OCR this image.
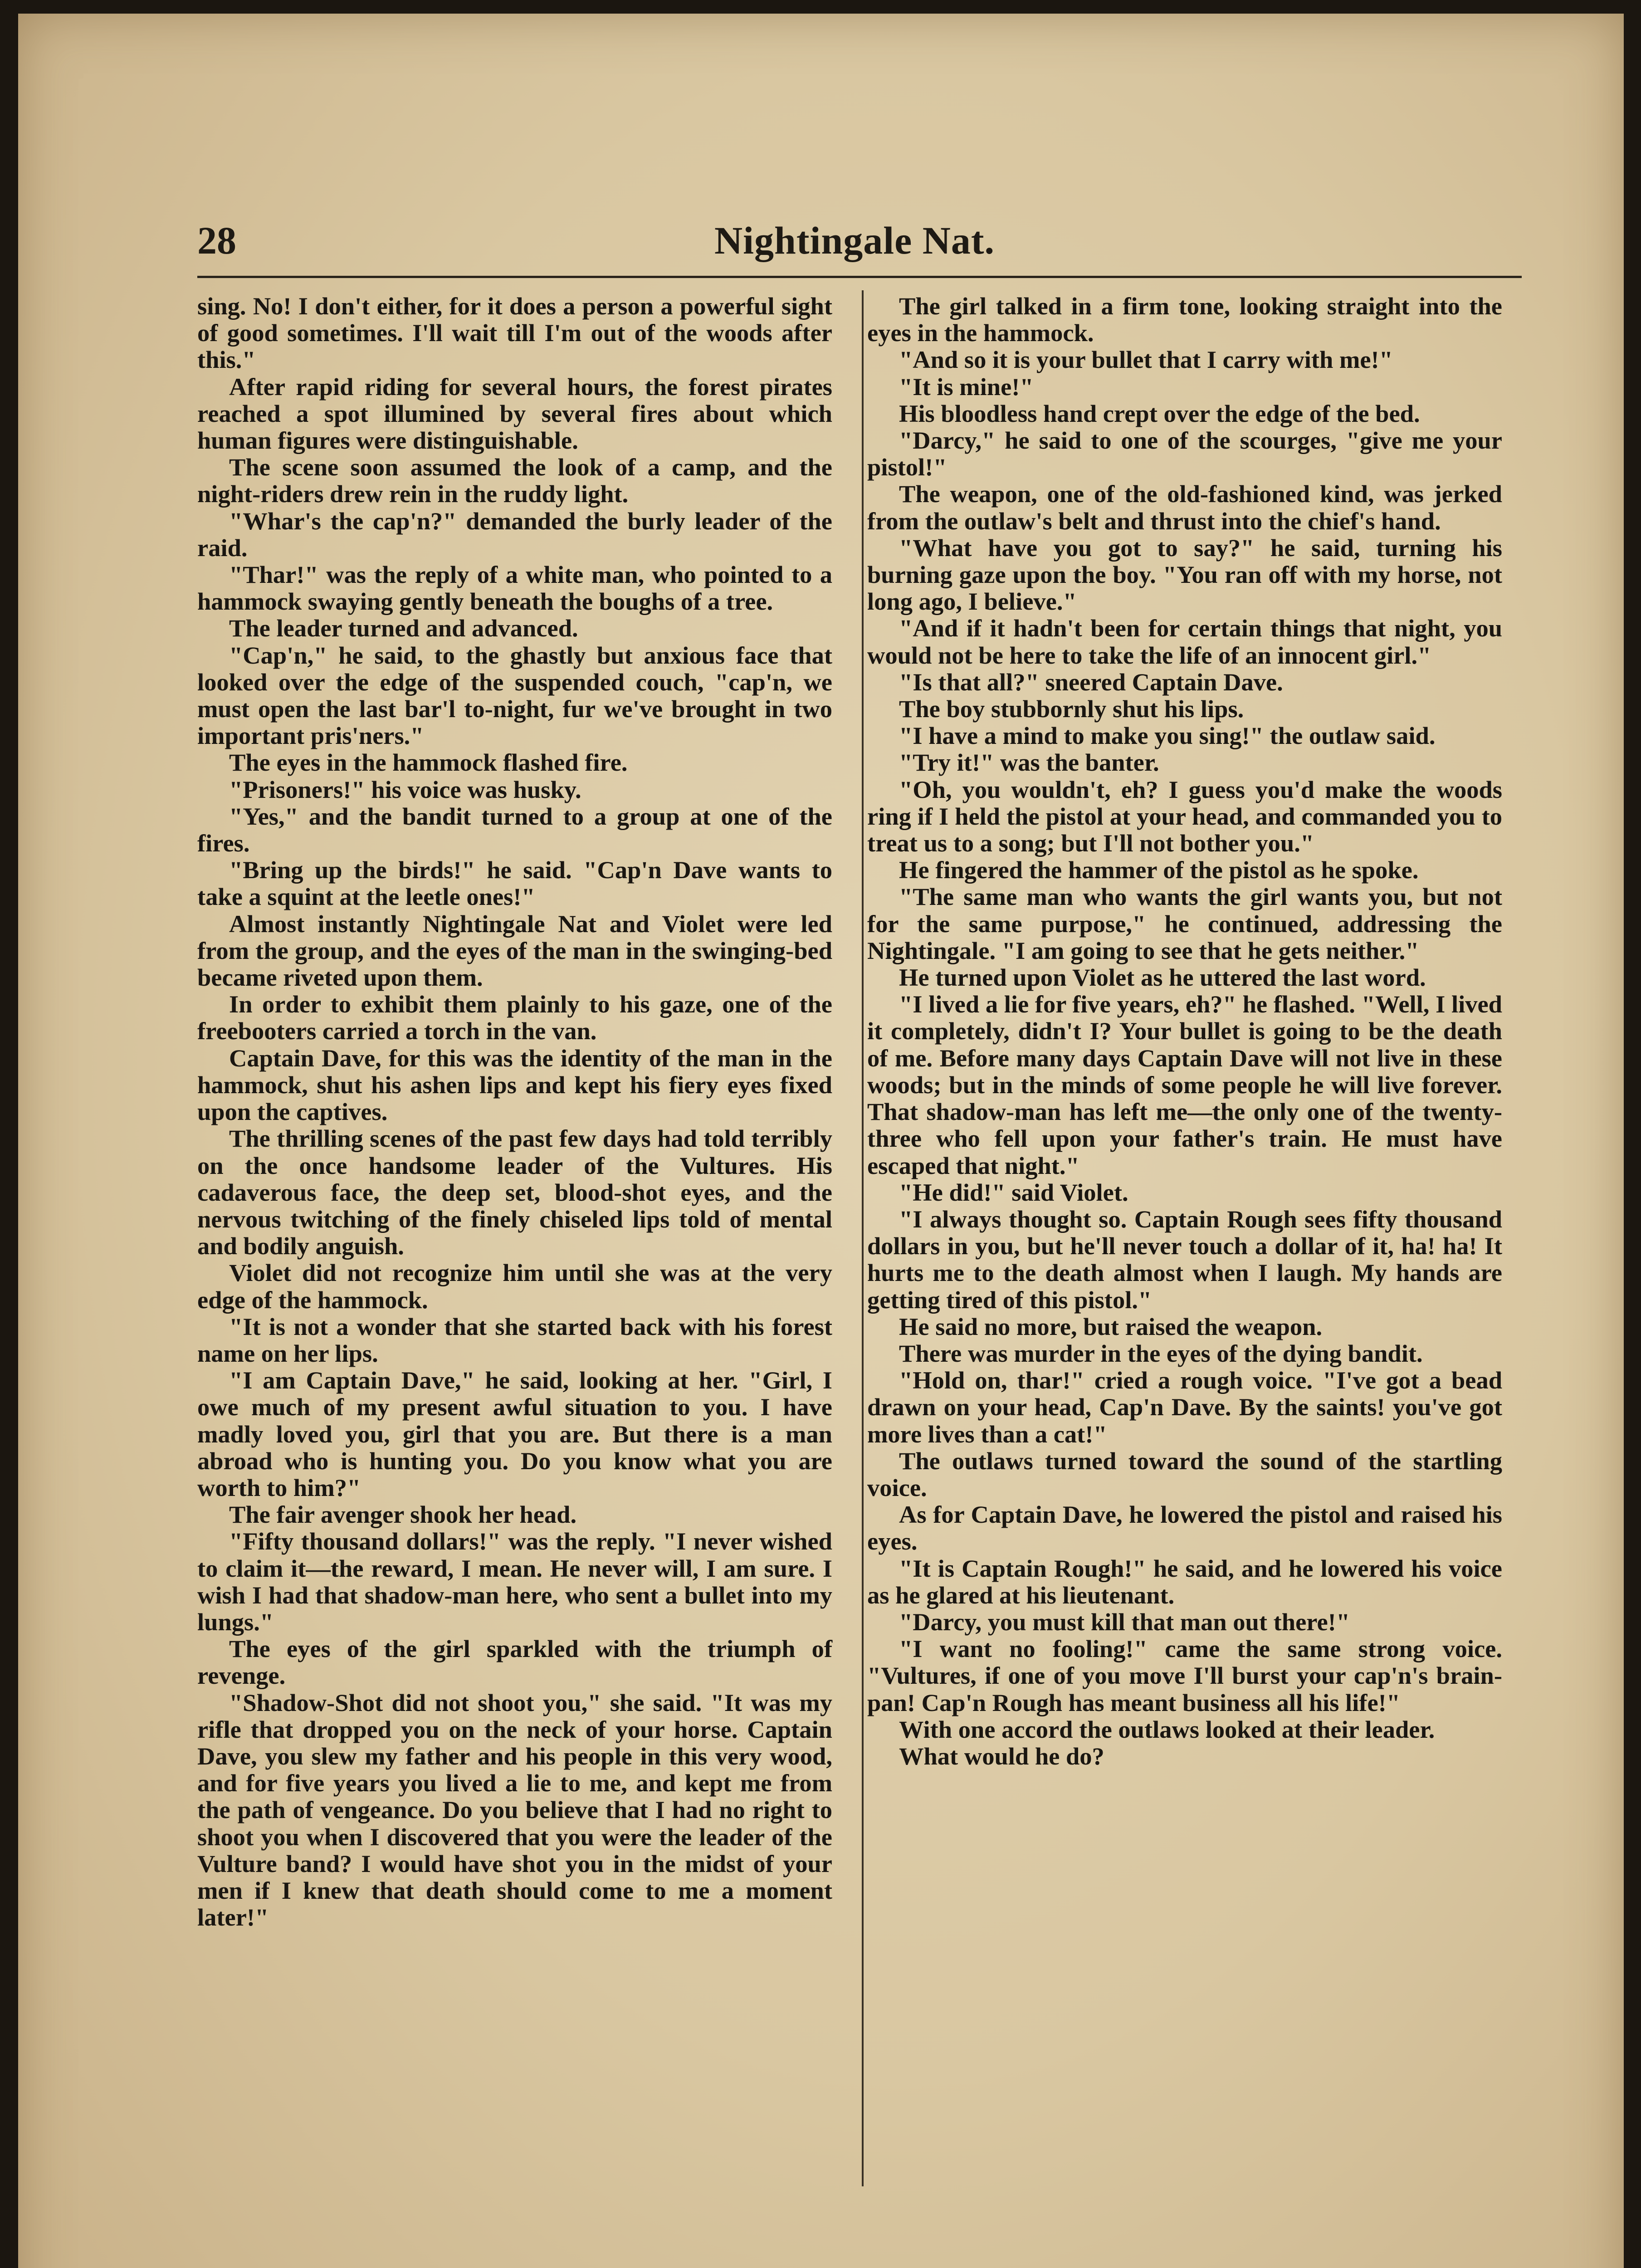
28	Nightingale Nat.

sing. No! I don't either, for it does a person a powerful sight of good sometimes. I'll wait till I'm out of the woods after this."

After rapid riding for several hours, the forest pirates reached a spot illumined by several fires about which human figures were distinguishable.

The scene soon assumed the look of a camp, and the night-riders drew rein in the ruddy light.

"Whar's the cap'n?" demanded the burly leader of the raid.

"Thar!" was the reply of a white man, who pointed to a hammock swaying gently beneath the boughs of a tree.

The leader turned and advanced.

"Cap'n," he said, to the ghastly but anxious face that looked over the edge of the suspended couch, "cap'n, we must open the last bar'l to-night, fur we've brought in two important pris'ners."

The eyes in the hammock flashed fire.

"Prisoners!" his voice was husky.

"Yes," and the bandit turned to a group at one of the fires.

"Bring up the birds!" he said. "Cap'n Dave wants to take a squint at the leetle ones!"

Almost instantly Nightingale Nat and Violet were led from the group, and the eyes of the man in the swinging-bed became riveted upon them.

In order to exhibit them plainly to his gaze, one of the freebooters carried a torch in the van.

Captain Dave, for this was the identity of the man in the hammock, shut his ashen lips and kept his fiery eyes fixed upon the captives.

The thrilling scenes of the past few days had told terribly on the once handsome leader of the Vultures. His cadaverous face, the deep set, blood-shot eyes, and the nervous twitching of the finely chiseled lips told of mental and bodily anguish.

Violet did not recognize him until she was at the very edge of the hammock.

"It is not a wonder that she started back with his forest name on her lips.

"I am Captain Dave," he said, looking at her. "Girl, I owe much of my present awful situation to you. I have madly loved you, girl that you are. But there is a man abroad who is hunting you. Do you know what you are worth to him?"

The fair avenger shook her head.

"Fifty thousand dollars!" was the reply. "I never wished to claim it—the reward, I mean. He never will, I am sure. I wish I had that shadow-man here, who sent a bullet into my lungs."

The eyes of the girl sparkled with the triumph of revenge.

"Shadow-Shot did not shoot you," she said. "It was my rifle that dropped you on the neck of your horse. Captain Dave, you slew my father and his people in this very wood, and for five years you lived a lie to me, and kept me from the path of vengeance. Do you believe that I had no right to shoot you when I discovered that you were the leader of the Vulture band? I would have shot you in the midst of your men if I knew that death should come to me a moment later!"

The girl talked in a firm tone, looking straight into the eyes in the hammock.

"And so it is your bullet that I carry with me!"

"It is mine!"

His bloodless hand crept over the edge of the bed.

"Darcy," he said to one of the scourges, "give me your pistol!"

The weapon, one of the old-fashioned kind, was jerked from the outlaw's belt and thrust into the chief's hand.

"What have you got to say?" he said, turning his burning gaze upon the boy. "You ran off with my horse, not long ago, I believe."

"And if it hadn't been for certain things that night, you would not be here to take the life of an innocent girl."

"Is that all?" sneered Captain Dave.

The boy stubbornly shut his lips.

"I have a mind to make you sing!" the outlaw said.

"Try it!" was the banter.

"Oh, you wouldn't, eh? I guess you'd make the woods ring if I held the pistol at your head, and commanded you to treat us to a song; but I'll not bother you."

He fingered the hammer of the pistol as he spoke.

"The same man who wants the girl wants you, but not for the same purpose," he continued, addressing the Nightingale. "I am going to see that he gets neither."

He turned upon Violet as he uttered the last word.

"I lived a lie for five years, eh?" he flashed. "Well, I lived it completely, didn't I? Your bullet is going to be the death of me. Before many days Captain Dave will not live in these woods; but in the minds of some people he will live forever. That shadow-man has left me—the only one of the twenty-three who fell upon your father's train. He must have escaped that night."

"He did!" said Violet.

"I always thought so. Captain Rough sees fifty thousand dollars in you, but he'll never touch a dollar of it, ha! ha! It hurts me to the death almost when I laugh. My hands are getting tired of this pistol."

He said no more, but raised the weapon.

There was murder in the eyes of the dying bandit.

"Hold on, thar!" cried a rough voice. "I've got a bead drawn on your head, Cap'n Dave. By the saints! you've got more lives than a cat!"

The outlaws turned toward the sound of the startling voice.

As for Captain Dave, he lowered the pistol and raised his eyes.

"It is Captain Rough!" he said, and he lowered his voice as he glared at his lieutenant.

"Darcy, you must kill that man out there!"

"I want no fooling!" came the same strong voice. "Vultures, if one of you move I'll burst your cap'n's brain-pan! Cap'n Rough has meant business all his life!"

With one accord the outlaws looked at their leader.

What would he do?
